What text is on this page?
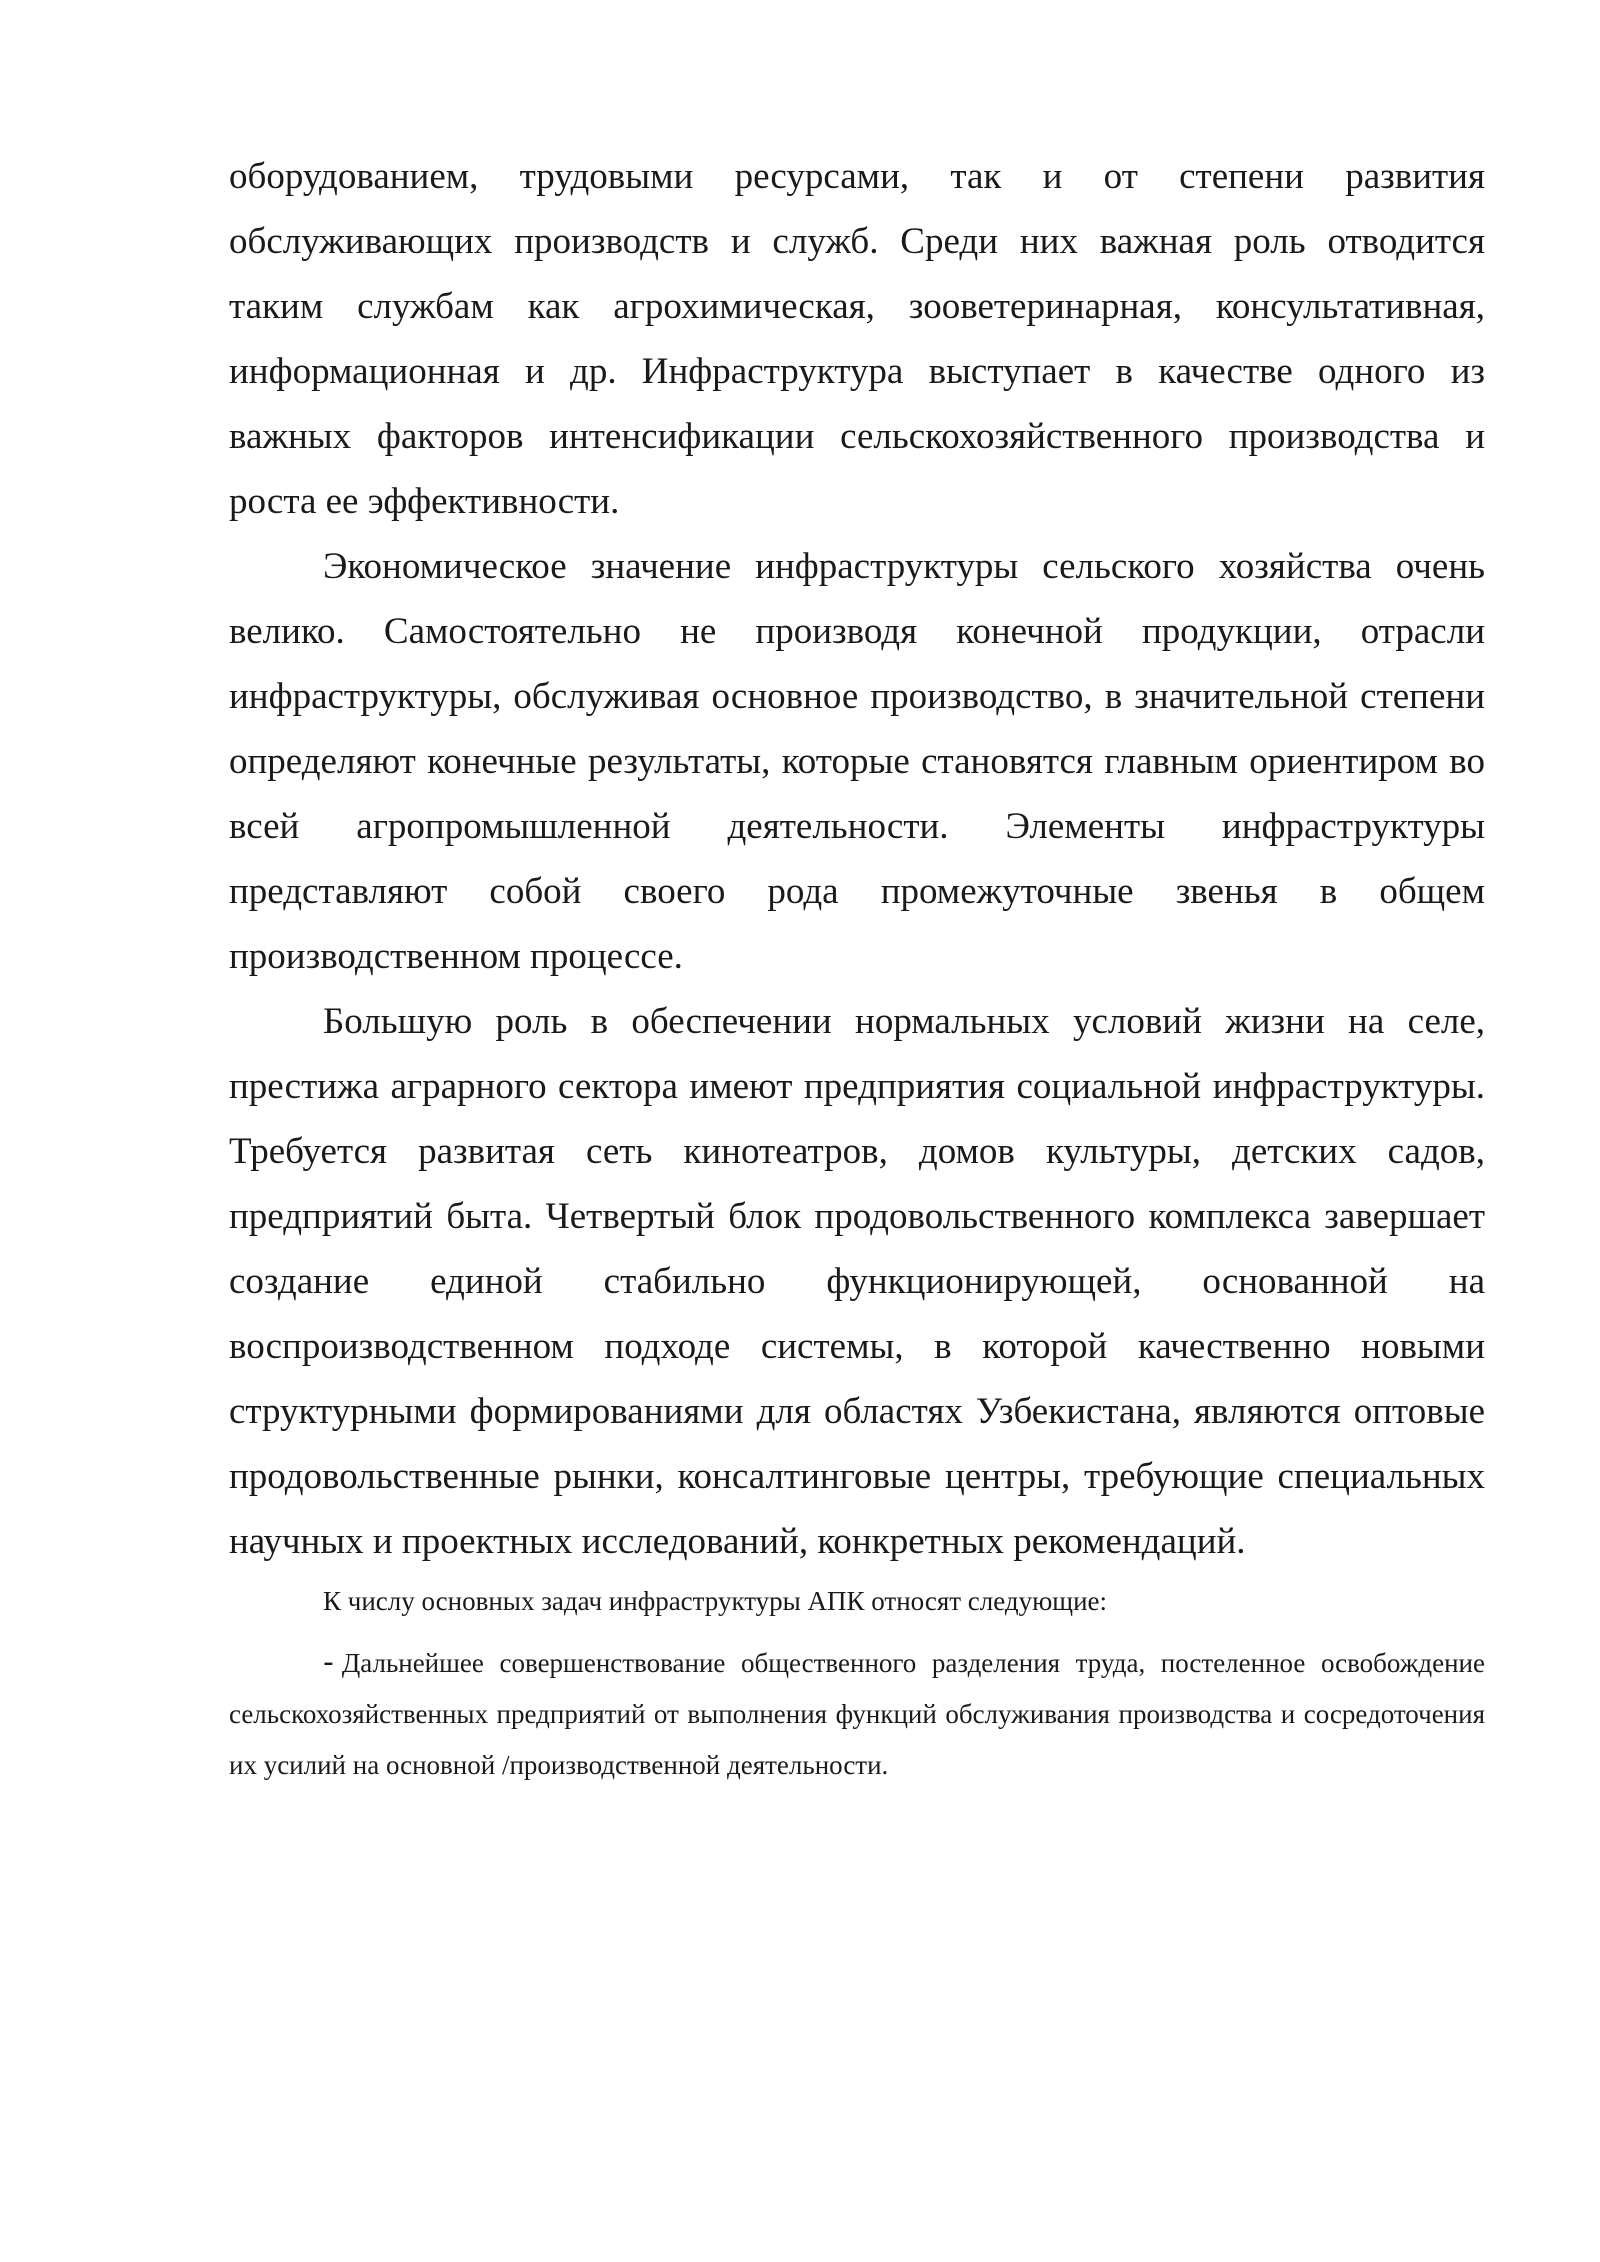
оборудованием, трудовыми ресурсами, так и от степени развития обслуживающих производств и служб. Среди них важная роль отводится таким службам как агрохимическая, зооветеринарная, консультативная, информационная и др. Инфраструктура выступает в качестве одного из важных факторов интенсификации сельскохозяйственного производства и роста ее эффективности.

Экономическое значение инфраструктуры сельского хозяйства очень велико. Самостоятельно не производя конечной продукции, отрасли инфраструктуры, обслуживая основное производство, в значительной степени определяют конечные результаты, которые становятся главным ориентиром во всей агропромышленной деятельности. Элементы инфраструктуры представляют собой своего рода промежуточные звенья в общем производственном процессе.

Большую роль в обеспечении нормальных условий жизни на селе, престижа аграрного сектора имеют предприятия социальной инфраструктуры. Требуется развитая сеть кинотеатров, домов культуры, детских садов, предприятий быта. Четвертый блок продовольственного комплекса завершает создание единой стабильно функционирующей, основанной на воспроизводственном подходе системы, в которой качественно новыми структурными формированиями для областях Узбекистана, являются оптовые продовольственные рынки, консалтинговые центры, требующие специальных научных и проектных исследований, конкретных рекомендаций.

К числу основных задач инфраструктуры АПК относят следующие:

- Дальнейшее совершенствование общественного разделения труда, постеленное освобождение сельскохозяйственных предприятий от выполнения функций обслуживания производства и сосредоточения их усилий на основной /производственной деятельности.
